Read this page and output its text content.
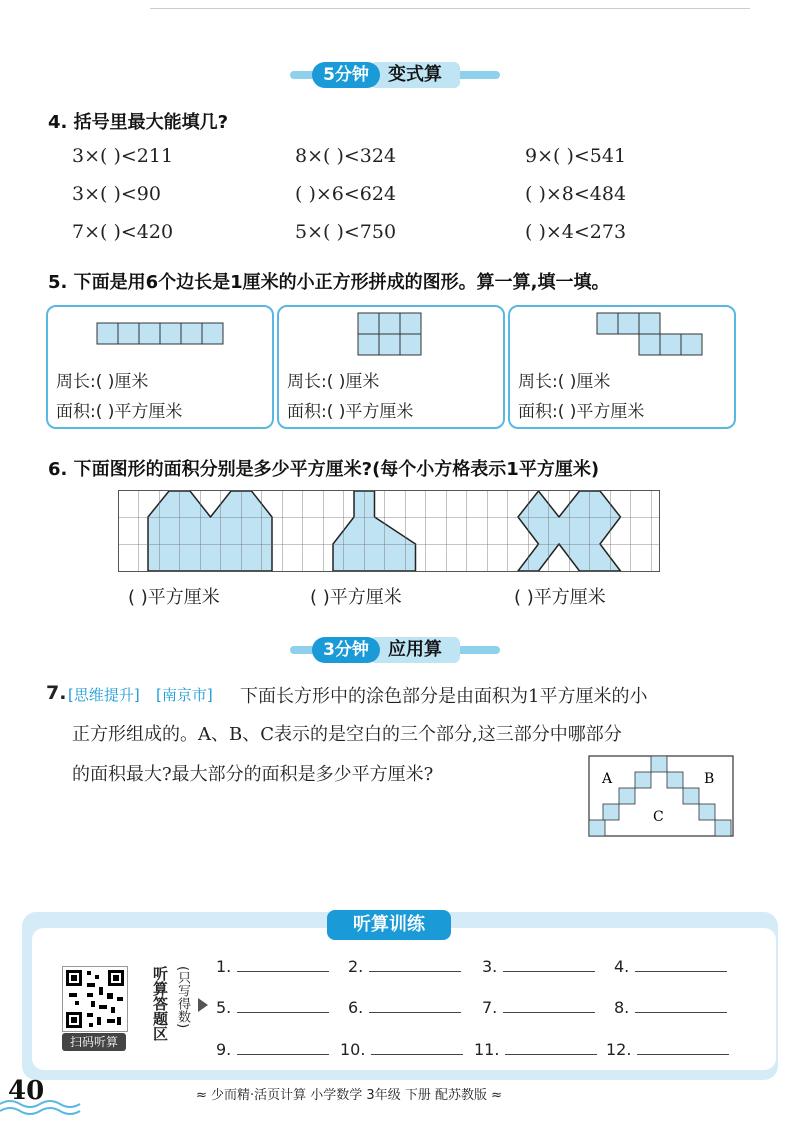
变式算
5分钟
4. 括号里最大能填几?
3×( )<211	8×( )<324	9×( )<541
3×( )<90	( )×6<624	( )×8<484
7×( )<420	5×( )<750	( )×4<273
5. 下面是用6个边长是1厘米的小正方形拼成的图形。算一算,填一填。
周长:( )厘米
面积:( )平方厘米
周长:( )厘米
面积:( )平方厘米
周长:( )厘米
面积:( )平方厘米
6. 下面图形的面积分别是多少平方厘米?(每个小方格表示1平方厘米)
( )平方厘米	( )平方厘米	( )平方厘米
应用算
3分钟
7. [思维提升] [南京市] 下面长方形中的涂色部分是由面积为1平方厘米的小
正方形组成的。A、B、C表示的是空白的三个部分,这三部分中哪部分
的面积最大?最大部分的面积是多少平方厘米?	A	B
C
听算训练
扫码听算
听算答题区 (只写得数) 1.	2.	3.	4.
5.	6.	7.	8.
9.	10.	11.	12.
40	≈ 少而精·活页计算 小学数学 3年级 下册 配苏教版 ≈
